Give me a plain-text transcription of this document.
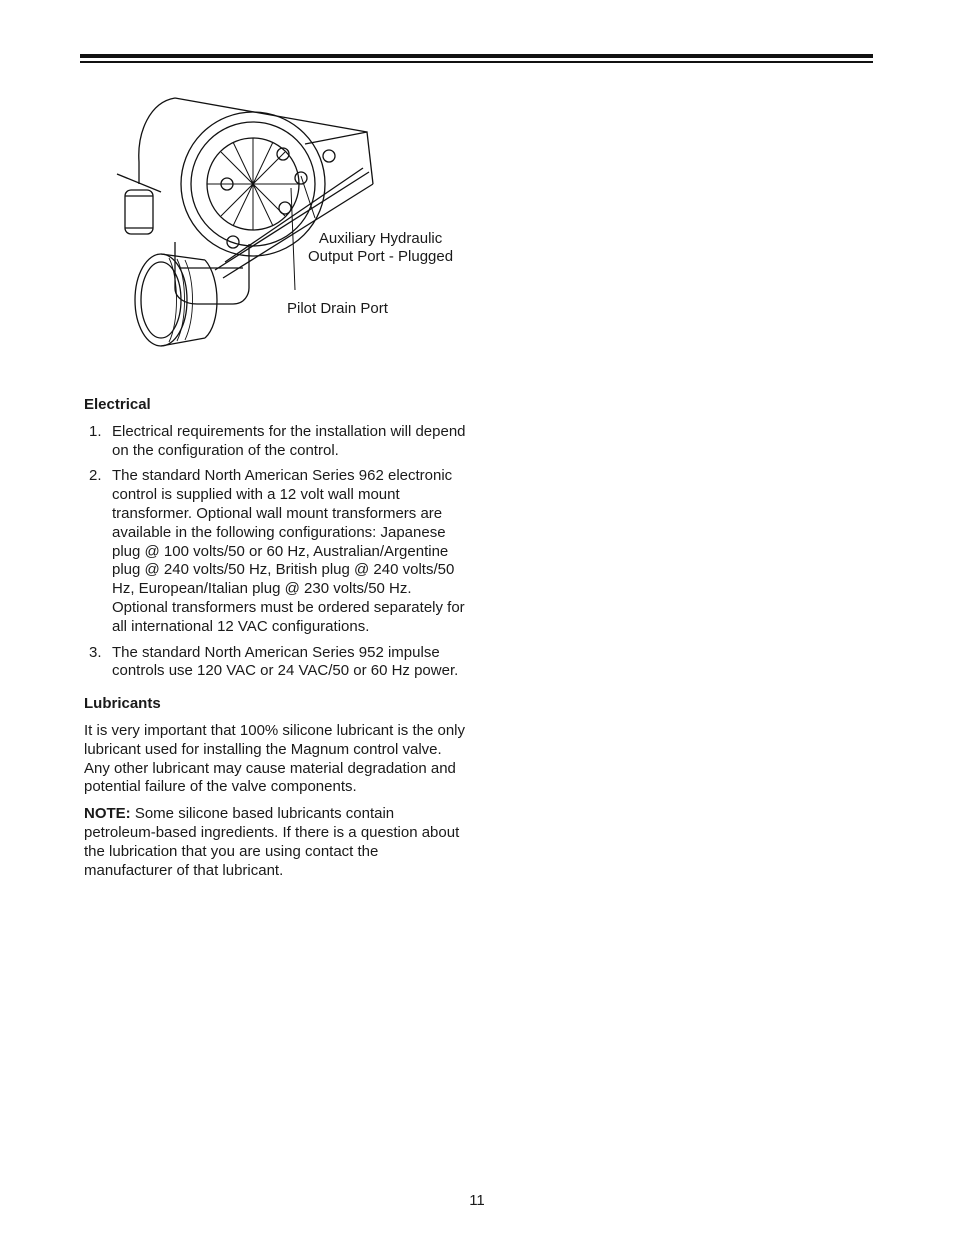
Auxiliary Hydraulic
Output Port - Plugged
Pilot Drain Port
Electrical
1. Electrical requirements for the installation will depend on the configuration of the control.
2. The standard North American Series 962 electronic control is supplied with a 12 volt wall mount transformer. Optional wall mount transformers are available in the following configurations: Japanese plug @ 100 volts/50 or 60 Hz, Australian/Argentine plug @ 240 volts/50 Hz, British plug @ 240 volts/50 Hz, European/Italian plug @ 230 volts/50 Hz. Optional transformers must be ordered separately for all international 12 VAC configurations.
3. The standard North American Series 952 impulse controls use 120 VAC or 24 VAC/50 or 60 Hz power.
Lubricants

It is very important that 100% silicone lubricant is the only lubricant used for installing the Magnum control valve. Any other lubricant may cause material degradation and potential failure of the valve components.

NOTE: Some silicone based lubricants contain petroleum-based ingredients. If there is a question about the lubrication that you are using contact the manufacturer of that lubricant.

11
